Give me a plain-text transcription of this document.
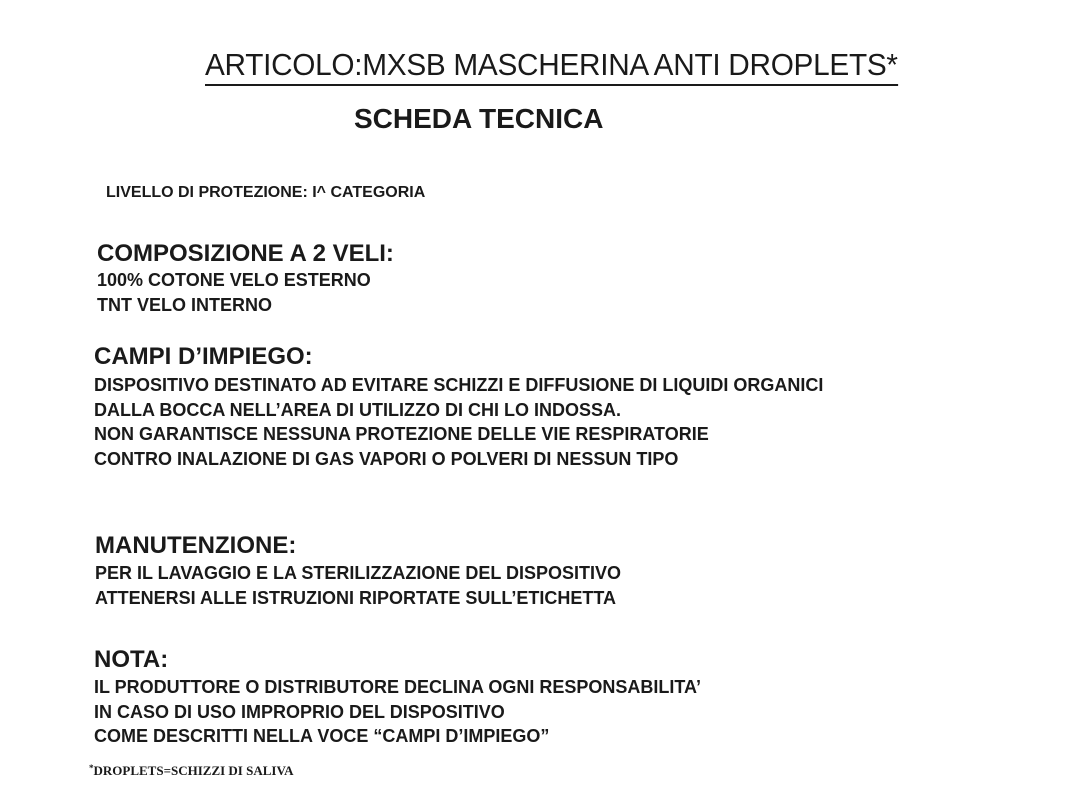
ARTICOLO:MXSB MASCHERINA ANTI DROPLETS*
SCHEDA TECNICA
LIVELLO DI PROTEZIONE: I^ CATEGORIA
COMPOSIZIONE A 2 VELI:
100% COTONE VELO ESTERNO
TNT VELO INTERNO
CAMPI D’IMPIEGO:
DISPOSITIVO DESTINATO AD EVITARE SCHIZZI E DIFFUSIONE DI LIQUIDI ORGANICI
DALLA BOCCA NELL’AREA DI UTILIZZO DI CHI LO INDOSSA.
NON GARANTISCE NESSUNA PROTEZIONE DELLE VIE RESPIRATORIE
CONTRO INALAZIONE DI GAS VAPORI O POLVERI DI NESSUN TIPO
MANUTENZIONE:
PER IL LAVAGGIO E LA STERILIZZAZIONE DEL DISPOSITIVO
ATTENERSI ALLE ISTRUZIONI RIPORTATE SULL’ETICHETTA
NOTA:
IL PRODUTTORE O DISTRIBUTORE DECLINA OGNI RESPONSABILITA’
IN CASO DI USO IMPROPRIO DEL DISPOSITIVO
COME DESCRITTI NELLA VOCE “CAMPI D’IMPIEGO”
*DROPLETS=SCHIZZI DI SALIVA
